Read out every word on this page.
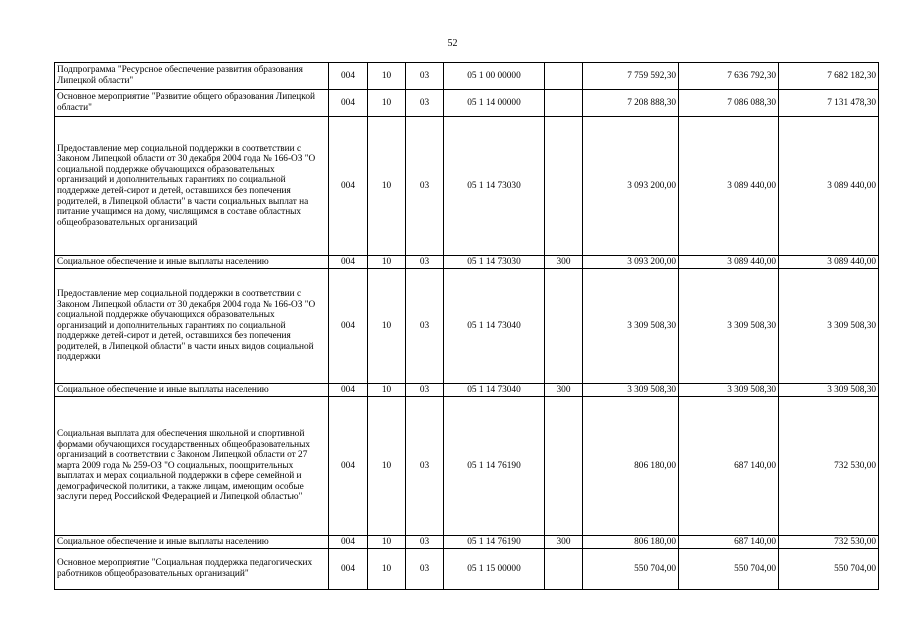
52
Подпрограмма "Ресурсное обеспечение развития образования Липецкой области"	004	10	03	05 1 00 00000		7 759 592,30	7 636 792,30	7 682 182,30
Основное мероприятие "Развитие общего образования Липецкой области"	004	10	03	05 1 14 00000		7 208 888,30	7 086 088,30	7 131 478,30
Предоставление мер социальной поддержки в соответствии с Законом Липецкой области от 30 декабря 2004 года № 166-ОЗ "О социальной поддержке обучающихся образовательных организаций и дополнительных гарантиях по социальной поддержке детей-сирот и детей, оставшихся без попечения родителей, в Липецкой области" в части социальных выплат на питание учащимся на дому, числящимся в составе областных общеобразовательных организаций	004	10	03	05 1 14 73030		3 093 200,00	3 089 440,00	3 089 440,00
Социальное обеспечение и иные выплаты населению	004	10	03	05 1 14 73030	300	3 093 200,00	3 089 440,00	3 089 440,00
Предоставление мер социальной поддержки в соответствии с Законом Липецкой области от 30 декабря 2004 года № 166-ОЗ "О социальной поддержке обучающихся образовательных организаций и дополнительных гарантиях по социальной поддержке детей-сирот и детей, оставшихся без попечения родителей, в Липецкой области" в части иных видов социальной поддержки	004	10	03	05 1 14 73040		3 309 508,30	3 309 508,30	3 309 508,30
Социальное обеспечение и иные выплаты населению	004	10	03	05 1 14 73040	300	3 309 508,30	3 309 508,30	3 309 508,30
Социальная выплата для обеспечения школьной и спортивной формами обучающихся государственных общеобразовательных организаций в соответствии с Законом Липецкой области от 27 марта 2009 года № 259-ОЗ "О социальных, поощрительных выплатах и мерах социальной поддержки в сфере семейной и демографической политики, а также лицам, имеющим особые заслуги перед Российской Федерацией и Липецкой областью"	004	10	03	05 1 14 76190		806 180,00	687 140,00	732 530,00
Социальное обеспечение и иные выплаты населению	004	10	03	05 1 14 76190	300	806 180,00	687 140,00	732 530,00
Основное мероприятие "Социальная поддержка педагогических работников общеобразовательных организаций"	004	10	03	05 1 15 00000		550 704,00	550 704,00	550 704,00
